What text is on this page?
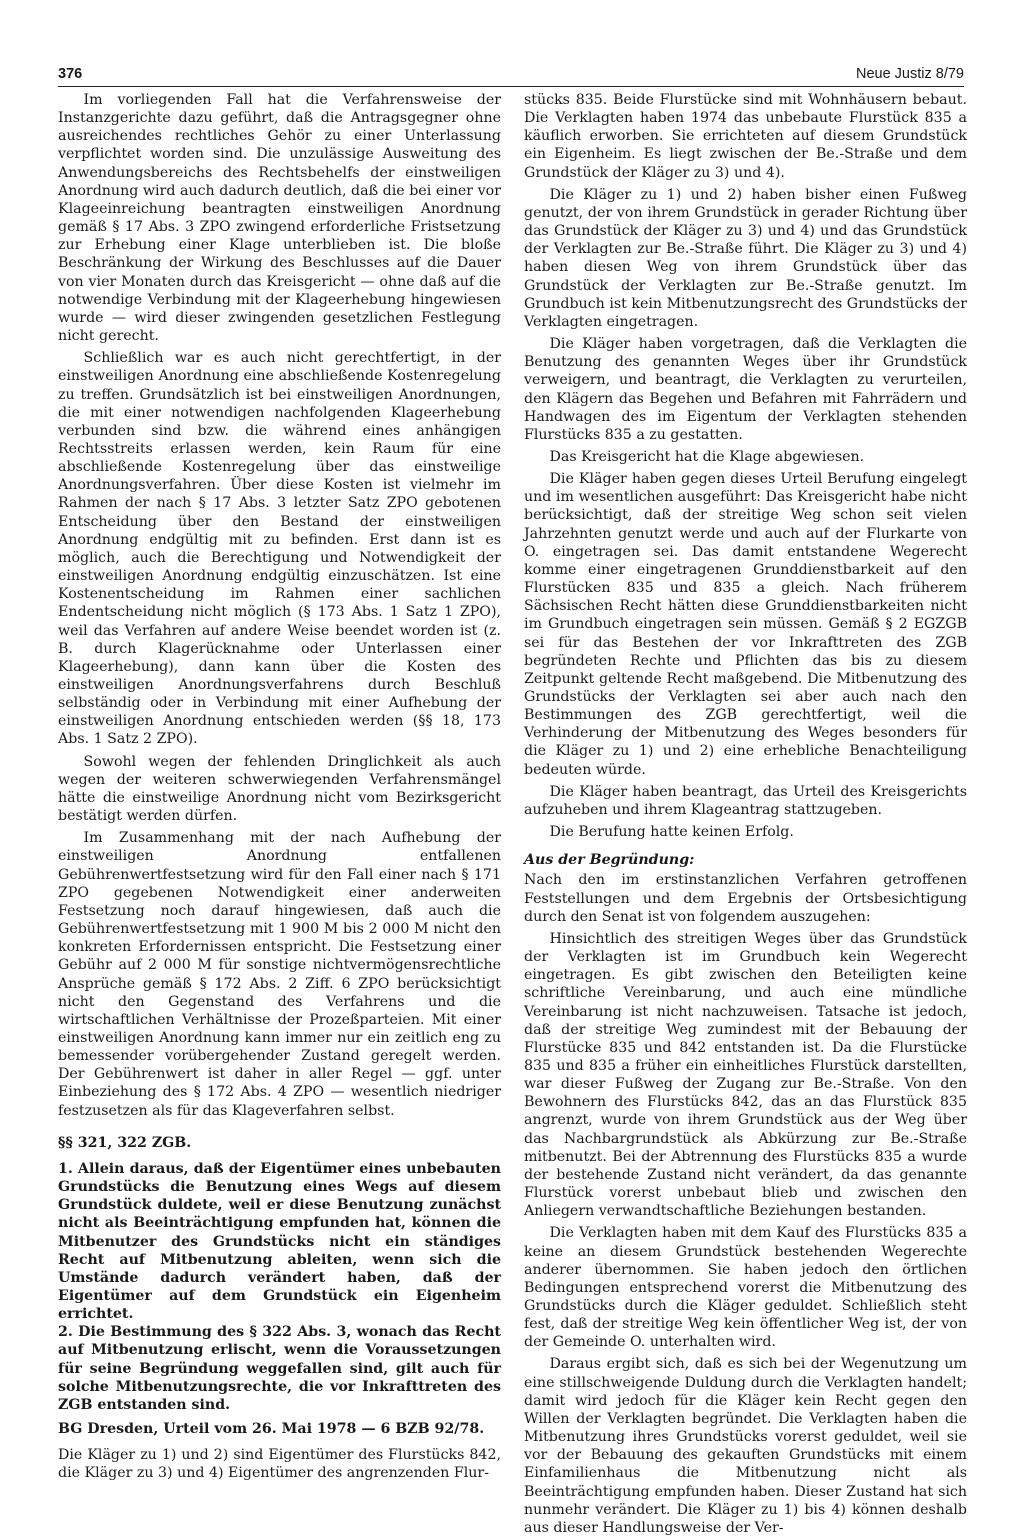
376	Neue Justiz 8/79

Im vorliegenden Fall hat die Verfahrensweise der Instanzgerichte dazu geführt, daß die Antragsgegner ohne ausreichendes rechtliches Gehör zu einer Unterlassung verpflichtet worden sind. Die unzulässige Ausweitung des Anwendungsbereichs des Rechtsbehelfs der einstweiligen Anordnung wird auch dadurch deutlich, daß die bei einer vor Klageeinreichung beantragten einstweiligen Anordnung gemäß § 17 Abs. 3 ZPO zwingend erforderliche Fristsetzung zur Erhebung einer Klage unterblieben ist. Die bloße Beschränkung der Wirkung des Beschlusses auf die Dauer von vier Monaten durch das Kreisgericht — ohne daß auf die notwendige Verbindung mit der Klageerhebung hingewiesen wurde — wird dieser zwingenden gesetzlichen Festlegung nicht gerecht.

Schließlich war es auch nicht gerechtfertigt, in der einstweiligen Anordnung eine abschließende Kostenregelung zu treffen. Grundsätzlich ist bei einstweiligen Anordnungen, die mit einer notwendigen nachfolgenden Klageerhebung verbunden sind bzw. die während eines anhängigen Rechtsstreits erlassen werden, kein Raum für eine abschließende Kostenregelung über das einstweilige Anordnungsverfahren. Über diese Kosten ist vielmehr im Rahmen der nach § 17 Abs. 3 letzter Satz ZPO gebotenen Entscheidung über den Bestand der einstweiligen Anordnung endgültig mit zu befinden. Erst dann ist es möglich, auch die Berechtigung und Notwendigkeit der einstweiligen Anordnung endgültig einzuschätzen. Ist eine Kostenentscheidung im Rahmen einer sachlichen Endentscheidung nicht möglich (§ 173 Abs. 1 Satz 1 ZPO), weil das Verfahren auf andere Weise beendet worden ist (z. B. durch Klagerücknahme oder Unterlassen einer Klageerhebung), dann kann über die Kosten des einstweiligen Anordnungsverfahrens durch Beschluß selbständig oder in Verbindung mit einer Aufhebung der einstweiligen Anordnung entschieden werden (§§ 18, 173 Abs. 1 Satz 2 ZPO).

Sowohl wegen der fehlenden Dringlichkeit als auch wegen der weiteren schwerwiegenden Verfahrensmängel hätte die einstweilige Anordnung nicht vom Bezirksgericht bestätigt werden dürfen.

Im Zusammenhang mit der nach Aufhebung der einstweiligen Anordnung entfallenen Gebührenwertfestsetzung wird für den Fall einer nach § 171 ZPO gegebenen Notwendigkeit einer anderweiten Festsetzung noch darauf hingewiesen, daß auch die Gebührenwertfestsetzung mit 1 900 M bis 2 000 M nicht den konkreten Erfordernissen entspricht. Die Festsetzung einer Gebühr auf 2 000 M für sonstige nichtvermögensrechtliche Ansprüche gemäß § 172 Abs. 2 Ziff. 6 ZPO berücksichtigt nicht den Gegenstand des Verfahrens und die wirtschaftlichen Verhältnisse der Prozeßparteien. Mit einer einstweiligen Anordnung kann immer nur ein zeitlich eng zu bemessender vorübergehender Zustand geregelt werden. Der Gebührenwert ist daher in aller Regel — ggf. unter Einbeziehung des § 172 Abs. 4 ZPO — wesentlich niedriger festzusetzen als für das Klageverfahren selbst.

§§ 321, 322 ZGB.

1. Allein daraus, daß der Eigentümer eines unbebauten Grundstücks die Benutzung eines Wegs auf diesem Grundstück duldete, weil er diese Benutzung zunächst nicht als Beeinträchtigung empfunden hat, können die Mitbenutzer des Grundstücks nicht ein ständiges Recht auf Mitbenutzung ableiten, wenn sich die Umstände dadurch verändert haben, daß der Eigentümer auf dem Grundstück ein Eigenheim errichtet.

2. Die Bestimmung des § 322 Abs. 3, wonach das Recht auf Mitbenutzung erlischt, wenn die Voraussetzungen für seine Begründung weggefallen sind, gilt auch für solche Mitbenutzungsrechte, die vor Inkrafttreten des ZGB entstanden sind.

BG Dresden, Urteil vom 26. Mai 1978 — 6 BZB 92/78.

Die Kläger zu 1) und 2) sind Eigentümer des Flurstücks 842, die Kläger zu 3) und 4) Eigentümer des angrenzenden Flur-

stücks 835. Beide Flurstücke sind mit Wohnhäusern bebaut. Die Verklagten haben 1974 das unbebaute Flurstück 835 a käuflich erworben. Sie errichteten auf diesem Grundstück ein Eigenheim. Es liegt zwischen der Be.-Straße und dem Grundstück der Kläger zu 3) und 4).

Die Kläger zu 1) und 2) haben bisher einen Fußweg genutzt, der von ihrem Grundstück in gerader Richtung über das Grundstück der Kläger zu 3) und 4) und das Grundstück der Verklagten zur Be.-Straße führt. Die Kläger zu 3) und 4) haben diesen Weg von ihrem Grundstück über das Grundstück der Verklagten zur Be.-Straße genutzt. Im Grundbuch ist kein Mitbenutzungsrecht des Grundstücks der Verklagten eingetragen.

Die Kläger haben vorgetragen, daß die Verklagten die Benutzung des genannten Weges über ihr Grundstück verweigern, und beantragt, die Verklagten zu verurteilen, den Klägern das Begehen und Befahren mit Fahrrädern und Handwagen des im Eigentum der Verklagten stehenden Flurstücks 835 a zu gestatten.

Das Kreisgericht hat die Klage abgewiesen.

Die Kläger haben gegen dieses Urteil Berufung eingelegt und im wesentlichen ausgeführt: Das Kreisgericht habe nicht berücksichtigt, daß der streitige Weg schon seit vielen Jahrzehnten genutzt werde und auch auf der Flurkarte von O. eingetragen sei. Das damit entstandene Wegerecht komme einer eingetragenen Grunddienstbarkeit auf den Flurstücken 835 und 835 a gleich. Nach früherem Sächsischen Recht hätten diese Grunddienstbarkeiten nicht im Grundbuch eingetragen sein müssen. Gemäß § 2 EGZGB sei für das Bestehen der vor Inkrafttreten des ZGB begründeten Rechte und Pflichten das bis zu diesem Zeitpunkt geltende Recht maßgebend. Die Mitbenutzung des Grundstücks der Verklagten sei aber auch nach den Bestimmungen des ZGB gerechtfertigt, weil die Verhinderung der Mitbenutzung des Weges besonders für die Kläger zu 1) und 2) eine erhebliche Benachteiligung bedeuten würde.

Die Kläger haben beantragt, das Urteil des Kreisgerichts aufzuheben und ihrem Klageantrag stattzugeben.

Die Berufung hatte keinen Erfolg.

Aus der Begründung:

Nach den im erstinstanzlichen Verfahren getroffenen Feststellungen und dem Ergebnis der Ortsbesichtigung durch den Senat ist von folgendem auszugehen:

Hinsichtlich des streitigen Weges über das Grundstück der Verklagten ist im Grundbuch kein Wegerecht eingetragen. Es gibt zwischen den Beteiligten keine schriftliche Vereinbarung, und auch eine mündliche Vereinbarung ist nicht nachzuweisen. Tatsache ist jedoch, daß der streitige Weg zumindest mit der Bebauung der Flurstücke 835 und 842 entstanden ist. Da die Flurstücke 835 und 835 a früher ein einheitliches Flurstück darstellten, war dieser Fußweg der Zugang zur Be.-Straße. Von den Bewohnern des Flurstücks 842, das an das Flurstück 835 angrenzt, wurde von ihrem Grundstück aus der Weg über das Nachbargrundstück als Abkürzung zur Be.-Straße mitbenutzt. Bei der Abtrennung des Flurstücks 835 a wurde der bestehende Zustand nicht verändert, da das genannte Flurstück vorerst unbebaut blieb und zwischen den Anliegern verwandtschaftliche Beziehungen bestanden.

Die Verklagten haben mit dem Kauf des Flurstücks 835 a keine an diesem Grundstück bestehenden Wegerechte anderer übernommen. Sie haben jedoch den örtlichen Bedingungen entsprechend vorerst die Mitbenutzung des Grundstücks durch die Kläger geduldet. Schließlich steht fest, daß der streitige Weg kein öffentlicher Weg ist, der von der Gemeinde O. unterhalten wird.

Daraus ergibt sich, daß es sich bei der Wegenutzung um eine stillschweigende Duldung durch die Verklagten handelt; damit wird jedoch für die Kläger kein Recht gegen den Willen der Verklagten begründet. Die Verklagten haben die Mitbenutzung ihres Grundstücks vorerst geduldet, weil sie vor der Bebauung des gekauften Grundstücks mit einem Einfamilienhaus die Mitbenutzung nicht als Beeinträchtigung empfunden haben. Dieser Zustand hat sich nunmehr verändert. Die Kläger zu 1) bis 4) können deshalb aus dieser Handlungsweise der Ver-
